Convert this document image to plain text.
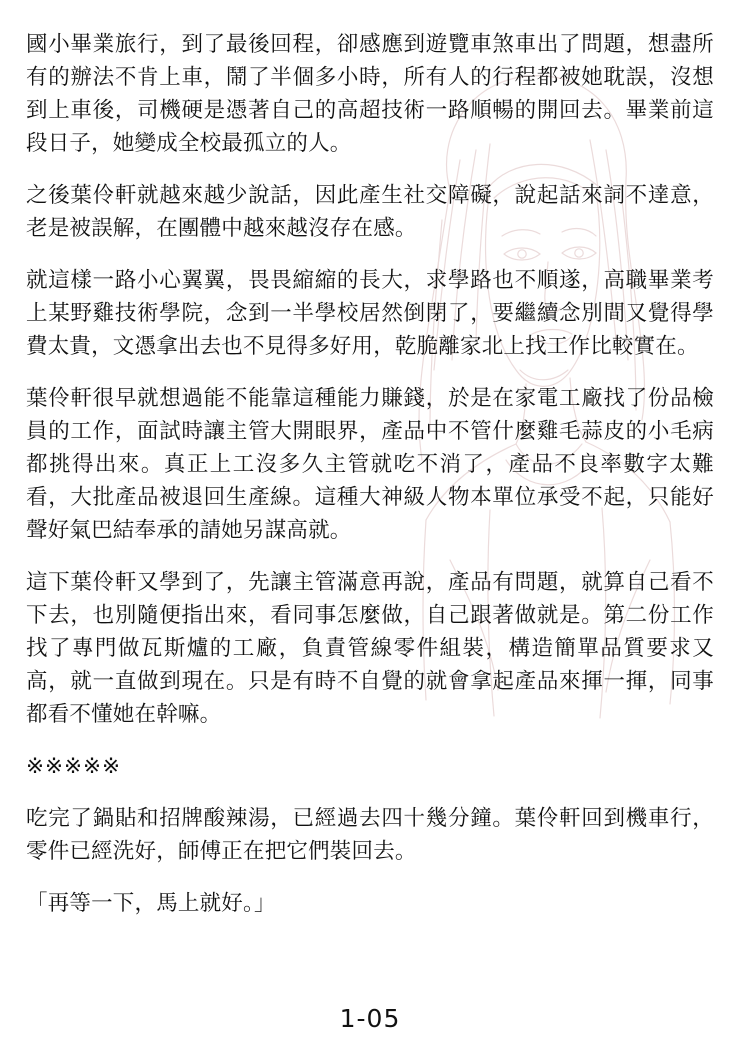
國小畢業旅行，到了最後回程，卻感應到遊覽車煞車出了問題，想盡所有的辦法不肯上車，鬧了半個多小時，所有人的行程都被她耽誤，沒想到上車後，司機硬是憑著自己的高超技術一路順暢的開回去。畢業前這段日子，她變成全校最孤立的人。

之後葉伶軒就越來越少說話，因此產生社交障礙，說起話來詞不達意，老是被誤解，在團體中越來越沒存在感。

就這樣一路小心翼翼，畏畏縮縮的長大，求學路也不順遂，高職畢業考上某野雞技術學院，念到一半學校居然倒閉了，要繼續念別間又覺得學費太貴，文憑拿出去也不見得多好用，乾脆離家北上找工作比較實在。

葉伶軒很早就想過能不能靠這種能力賺錢，於是在家電工廠找了份品檢員的工作，面試時讓主管大開眼界，產品中不管什麼雞毛蒜皮的小毛病都挑得出來。真正上工沒多久主管就吃不消了，產品不良率數字太難看，大批產品被退回生產線。這種大神級人物本單位承受不起，只能好聲好氣巴結奉承的請她另謀高就。

這下葉伶軒又學到了，先讓主管滿意再說，產品有問題，就算自己看不下去，也別隨便指出來，看同事怎麼做，自己跟著做就是。第二份工作找了專門做瓦斯爐的工廠，負責管線零件組裝，構造簡單品質要求又高，就一直做到現在。只是有時不自覺的就會拿起產品來揮一揮，同事都看不懂她在幹嘛。

※※※※※

吃完了鍋貼和招牌酸辣湯，已經過去四十幾分鐘。葉伶軒回到機車行，零件已經洗好，師傅正在把它們裝回去。

「再等一下，馬上就好。」

1-05
